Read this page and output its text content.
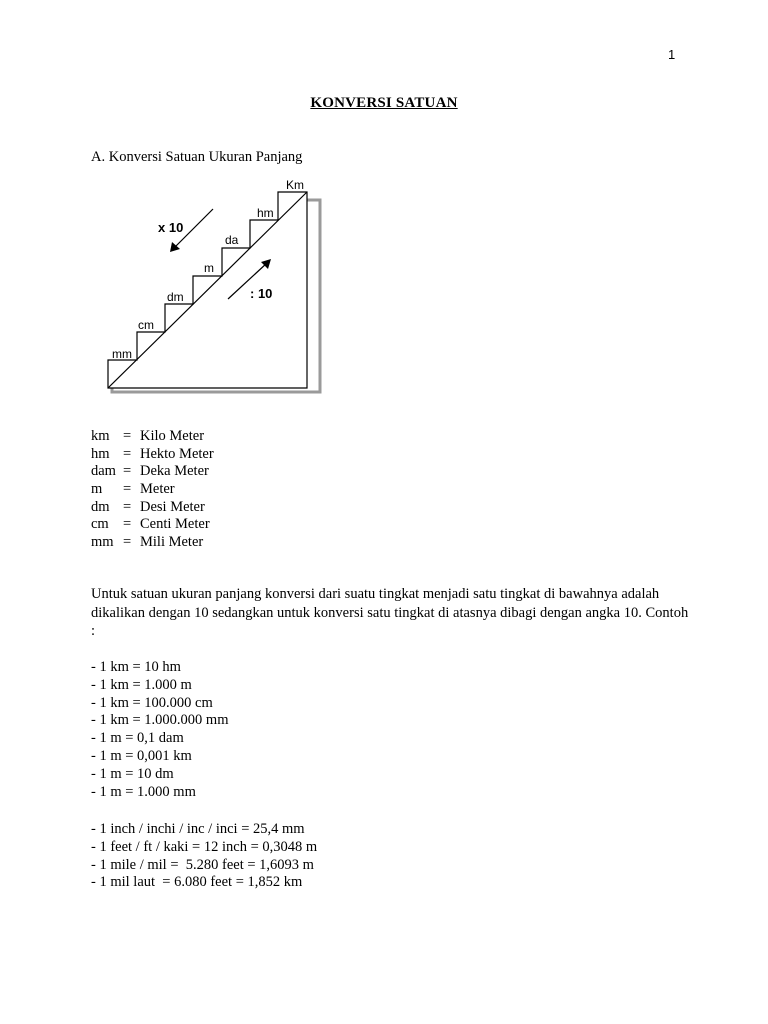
1
KONVERSI SATUAN
A. Konversi Satuan Ukuran Panjang
mm
cm
dm
m
da
hm
Km
x 10
: 10
km = Kilo Meter
hm = Hekto Meter
dam = Deka Meter
m = Meter
dm = Desi Meter
cm = Centi Meter
mm = Mili Meter
Untuk satuan ukuran panjang konversi dari suatu tingkat menjadi satu tingkat di bawahnya adalah dikalikan dengan 10 sedangkan untuk konversi satu tingkat di atasnya dibagi dengan angka 10. Contoh :
- 1 km = 10 hm
- 1 km = 1.000 m
- 1 km = 100.000 cm
- 1 km = 1.000.000 mm
- 1 m = 0,1 dam
- 1 m = 0,001 km
- 1 m = 10 dm
- 1 m = 1.000 mm
- 1 inch / inchi / inc / inci = 25,4 mm
- 1 feet / ft / kaki = 12 inch = 0,3048 m
- 1 mile / mil =  5.280 feet = 1,6093 m
- 1 mil laut  = 6.080 feet = 1,852 km
